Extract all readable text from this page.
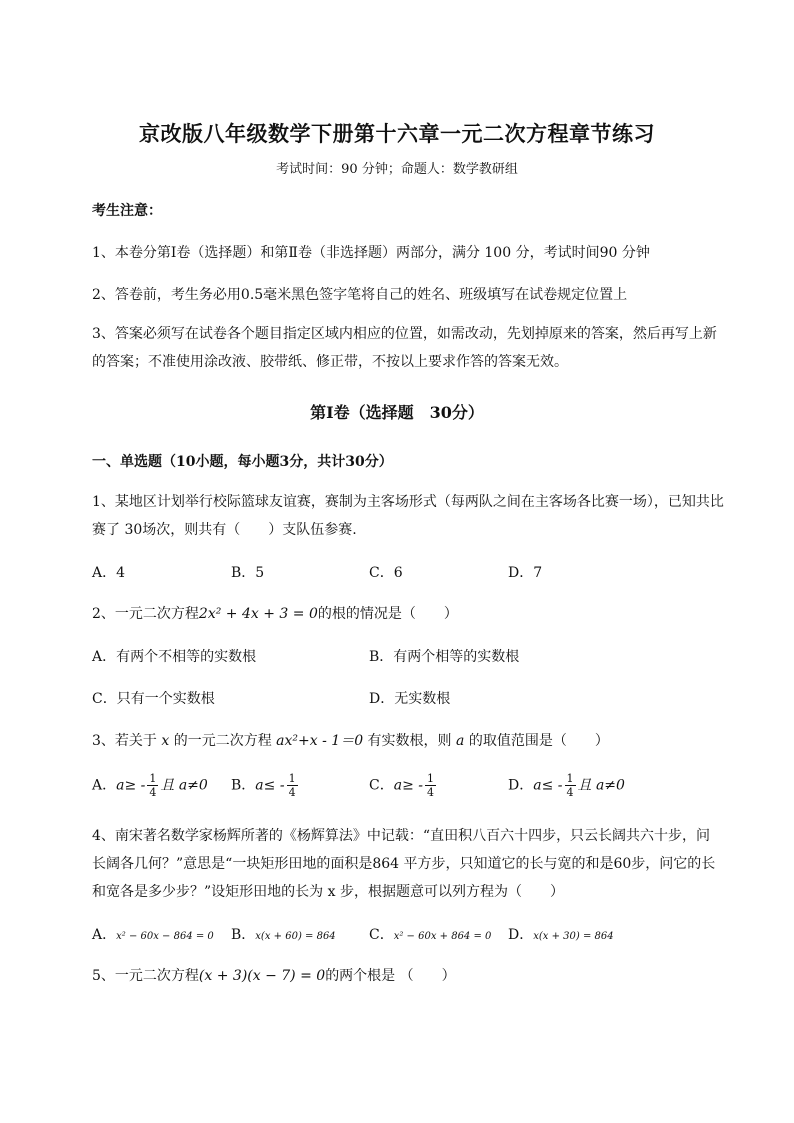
京改版八年级数学下册第十六章一元二次方程章节练习
考试时间：90 分钟；命题人：数学教研组
考生注意：
1、本卷分第Ⅰ卷（选择题）和第Ⅱ卷（非选择题）两部分，满分 100 分，考试时间90 分钟
2、答卷前，考生务必用0.5毫米黑色签字笔将自己的姓名、班级填写在试卷规定位置上
3、答案必须写在试卷各个题目指定区域内相应的位置，如需改动，先划掉原来的答案，然后再写上新的答案；不准使用涂改液、胶带纸、修正带，不按以上要求作答的答案无效。
第Ⅰ卷（选择题　30分）
一、单选题（10小题，每小题3分，共计30分）
1、某地区计划举行校际篮球友谊赛，赛制为主客场形式（每两队之间在主客场各比赛一场），已知共比赛了 30场次，则共有（　　）支队伍参赛.
A．4	B．5	C．6	D．7
2、一元二次方程2x² + 4x + 3 = 0的根的情况是（　　）
A．有两个不相等的实数根	B．有两个相等的实数根
C．只有一个实数根	D．无实数根
3、若关于 x 的一元二次方程 ax²+x - 1＝0 有实数根，则 a 的取值范围是（　　）
A．$a\ge - \frac{1}{4}$ 且 a≠0 B．$a\le - \frac{1}{4}$	C．$a\ge - \frac{1}{4}$	D．$a\le - \frac{1}{4}$ 且 a≠0
4、南宋著名数学家杨辉所著的《杨辉算法》中记载：“直田积八百六十四步，只云长阔共六十步，问长阔各几何？”意思是“一块矩形田地的面积是864 平方步，只知道它的长与宽的和是60步，问它的长和宽各是多少步？”设矩形田地的长为 x 步，根据题意可以列方程为（　　）
A．x² − 60x − 864 = 0 B．x(x + 60) = 864 C．x² − 60x + 864 = 0 D．x(x + 30) = 864
5、一元二次方程(x + 3)(x − 7) = 0的两个根是 （　　）
